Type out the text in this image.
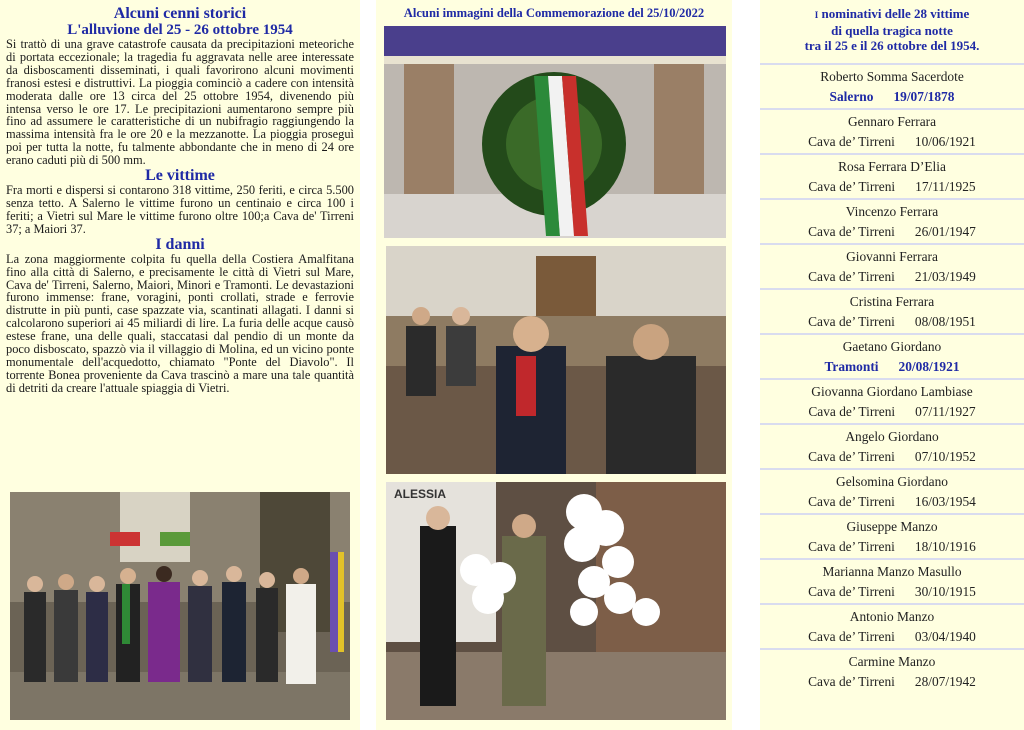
Alcuni cenni storici
L'alluvione del 25 - 26 ottobre 1954

Si trattò di una grave catastrofe causata da precipitazioni meteoriche di portata eccezionale; la tragedia fu aggravata nelle aree interessate da disboscamenti disseminati, i quali favorirono alcuni movimenti franosi estesi e distruttivi. La pioggia cominciò a cadere con intensità moderata dalle ore 13 circa del 25 ottobre 1954, divenendo più intensa verso le ore 17. Le precipitazioni aumentarono sempre più fino ad assumere le caratteristiche di un nubifragio raggiungendo la massima intensità fra le ore 20 e la mezzanotte. La pioggia proseguì poi per tutta la notte, fu talmente abbondante che in meno di 24 ore erano caduti più di 500 mm.

Le vittime

Fra morti e dispersi si contarono 318 vittime, 250 feriti, e circa 5.500 senza tetto. A Salerno le vittime furono un centinaio e circa 100 i feriti; a Vietri sul Mare le vittime furono oltre 100;a Cava de' Tirreni 37; a Maiori 37.

I danni

La zona maggiormente colpita fu quella della Costiera Amalfitana fino alla città di Salerno, e precisamente le città di Vietri sul Mare, Cava de' Tirreni, Salerno, Maiori, Minori e Tramonti. Le devastazioni furono immense: frane, voragini, ponti crollati, strade e ferrovie distrutte in più punti, case spazzate via, scantinati allagati. I danni si calcolarono superiori ai 45 miliardi di lire. La furia delle acque causò estese frane, una delle quali, staccatasi dal pendio di un monte da poco disboscato, spazzò via il villaggio di Molina, ed un vicino ponte monumentale dell'acquedotto, chiamato "Ponte del Diavolo". Il torrente Bonea proveniente da Cava trascinò a mare una tale quantità di detriti da creare l'attuale spiaggia di Vietri.

Alcuni immagini della Commemorazione del 25/10/2022
ALESSIA
I nominativi delle 28 vittime
di quella tragica notte
tra il 25 e il 26 ottobre del 1954.
Roberto Somma Sacerdote
Salerno 19/07/1878
Gennaro Ferrara
Cava de’ Tirreni 10/06/1921
Rosa Ferrara D’Elia
Cava de’ Tirreni 17/11/1925
Vincenzo Ferrara
Cava de’ Tirreni 26/01/1947
Giovanni Ferrara
Cava de’ Tirreni 21/03/1949
Cristina Ferrara
Cava de’ Tirreni 08/08/1951
Gaetano Giordano
Tramonti 20/08/1921
Giovanna Giordano Lambiase
Cava de’ Tirreni 07/11/1927
Angelo Giordano
Cava de’ Tirreni 07/10/1952
Gelsomina Giordano
Cava de’ Tirreni 16/03/1954
Giuseppe Manzo
Cava de’ Tirreni 18/10/1916
Marianna Manzo Masullo
Cava de’ Tirreni 30/10/1915
Antonio Manzo
Cava de’ Tirreni 03/04/1940
Carmine Manzo
Cava de’ Tirreni 28/07/1942
